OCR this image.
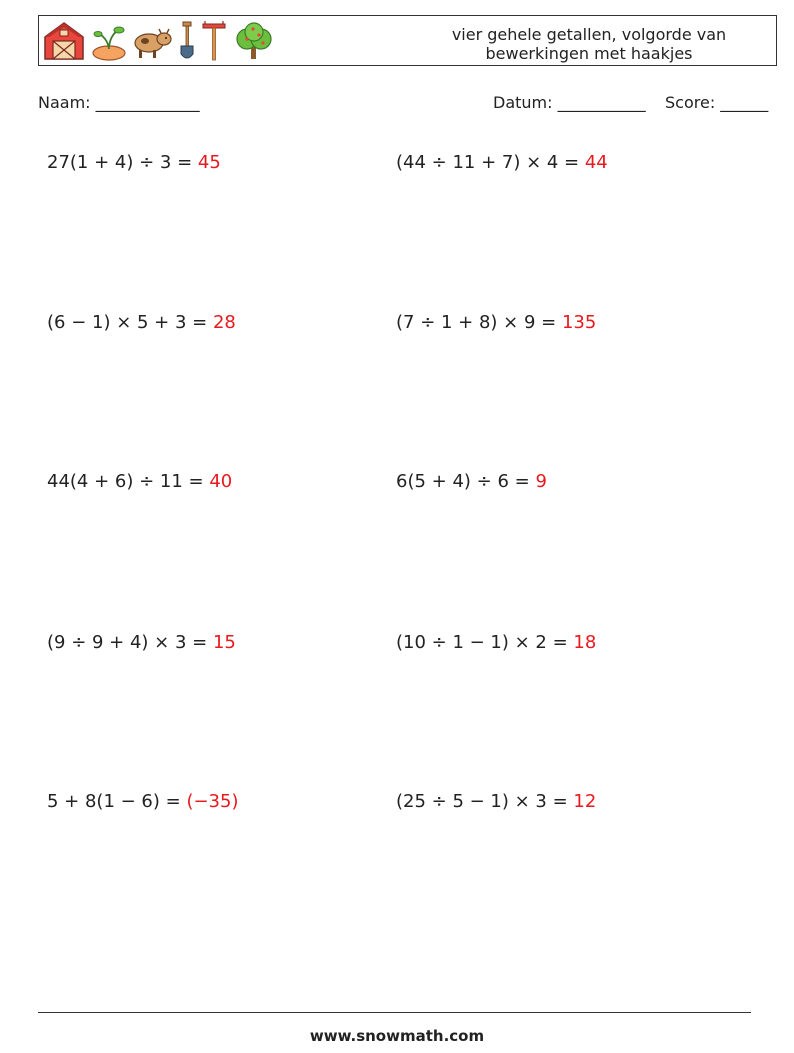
vier gehele getallen, volgorde van
bewerkingen met haakjes
Naam: _____________	Datum: ___________ Score: ______
27(1 + 4) ÷ 3 = 45	(44 ÷ 11 + 7) × 4 = 44
(6 − 1) × 5 + 3 = 28	(7 ÷ 1 + 8) × 9 = 135
44(4 + 6) ÷ 11 = 40	6(5 + 4) ÷ 6 = 9
(9 ÷ 9 + 4) × 3 = 15	(10 ÷ 1 − 1) × 2 = 18
5 + 8(1 − 6) = (−35)	(25 ÷ 5 − 1) × 3 = 12
www.snowmath.com
